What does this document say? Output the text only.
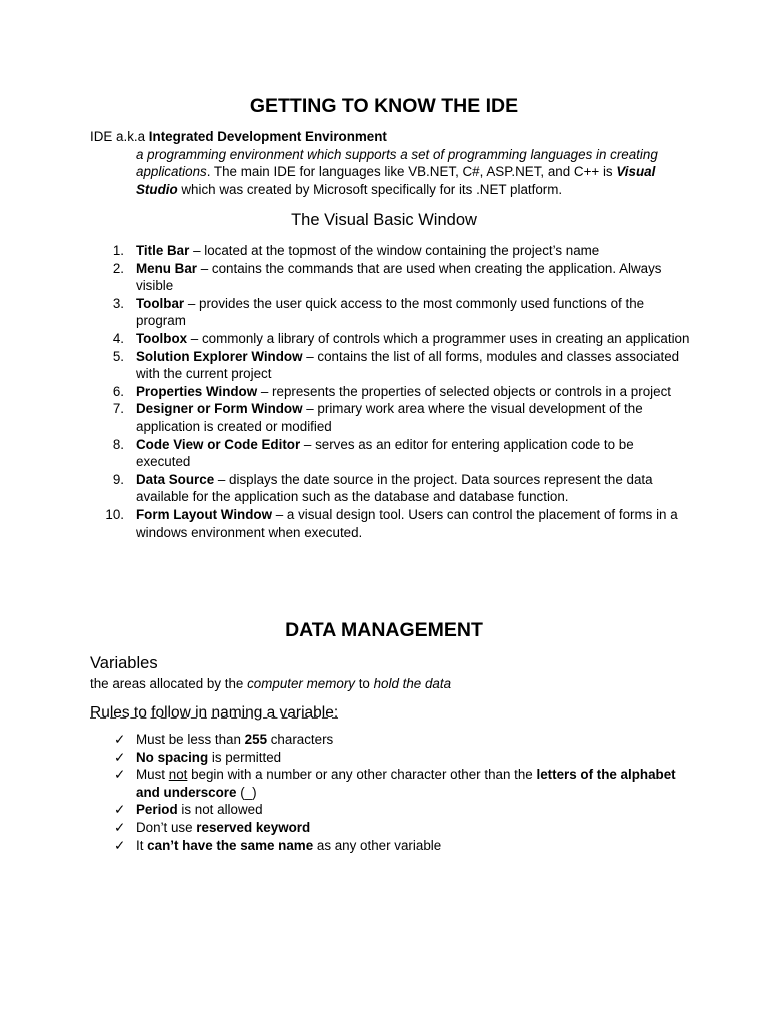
GETTING TO KNOW THE IDE
IDE a.k.a Integrated Development Environment
a programming environment which supports a set of programming languages in creating applications. The main IDE for languages like VB.NET, C#, ASP.NET, and C++ is Visual Studio which was created by Microsoft specifically for its .NET platform.
The Visual Basic Window
1. Title Bar – located at the topmost of the window containing the project’s name
2. Menu Bar – contains the commands that are used when creating the application. Always visible
3. Toolbar – provides the user quick access to the most commonly used functions of the program
4. Toolbox – commonly a library of controls which a programmer uses in creating an application
5. Solution Explorer Window – contains the list of all forms, modules and classes associated with the current project
6. Properties Window – represents the properties of selected objects or controls in a project
7. Designer or Form Window – primary work area where the visual development of the application is created or modified
8. Code View or Code Editor – serves as an editor for entering application code to be executed
9. Data Source – displays the date source in the project. Data sources represent the data available for the application such as the database and database function.
10. Form Layout Window – a visual design tool. Users can control the placement of forms in a windows environment when executed.
DATA MANAGEMENT
Variables
the areas allocated by the computer memory to hold the data
Rules to follow in naming a variable:
✓ Must be less than 255 characters
✓ No spacing is permitted
✓ Must not begin with a number or any other character other than the letters of the alphabet and underscore (_)
✓ Period is not allowed
✓ Don’t use reserved keyword
✓ It can’t have the same name as any other variable
